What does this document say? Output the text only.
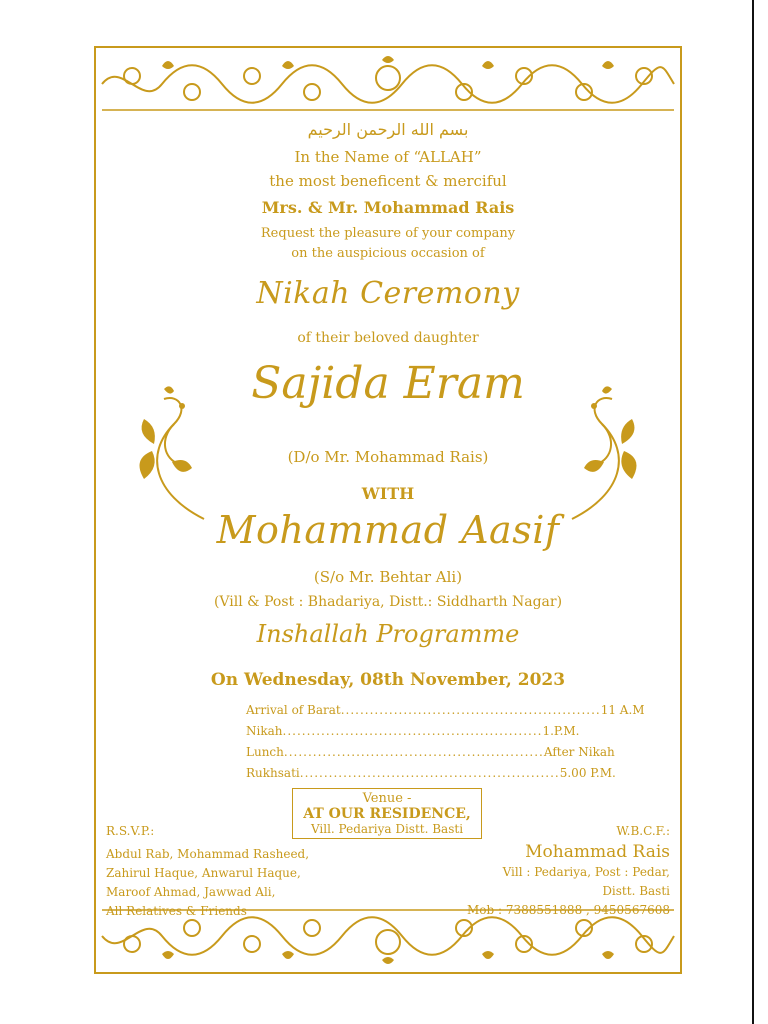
بسم الله الرحمن الرحيم
In the Name of “ALLAH”
the most beneficent & merciful
Mrs. & Mr. Mohammad Rais
Request the pleasure of your company
on the auspicious occasion of
Nikah Ceremony
of their beloved daughter
Sajida Eram
(D/o Mr. Mohammad Rais)
WITH
Mohammad Aasif
(S/o Mr. Behtar Ali)
(Vill & Post : Bhadariya, Distt.: Siddharth Nagar)
Inshallah Programme
On Wednesday, 08th November, 2023
Arrival of Barat ...................................................... 11 A.M
Nikah ...................................................... 1.P.M.
Lunch ...................................................... After Nikah
Rukhsati ...................................................... 5.00 P.M.
Venue -
AT OUR RESIDENCE,
Vill. Pedariya Distt. Basti
R.S.V.P.:
Abdul Rab, Mohammad Rasheed,
Zahirul Haque, Anwarul Haque,
Maroof Ahmad, Jawwad Ali,
All Relatives & Friends
W.B.C.F.:
Mohammad Rais
Vill : Pedariya, Post : Pedar,
Distt. Basti
Mob : 7388551888 , 9450567608
